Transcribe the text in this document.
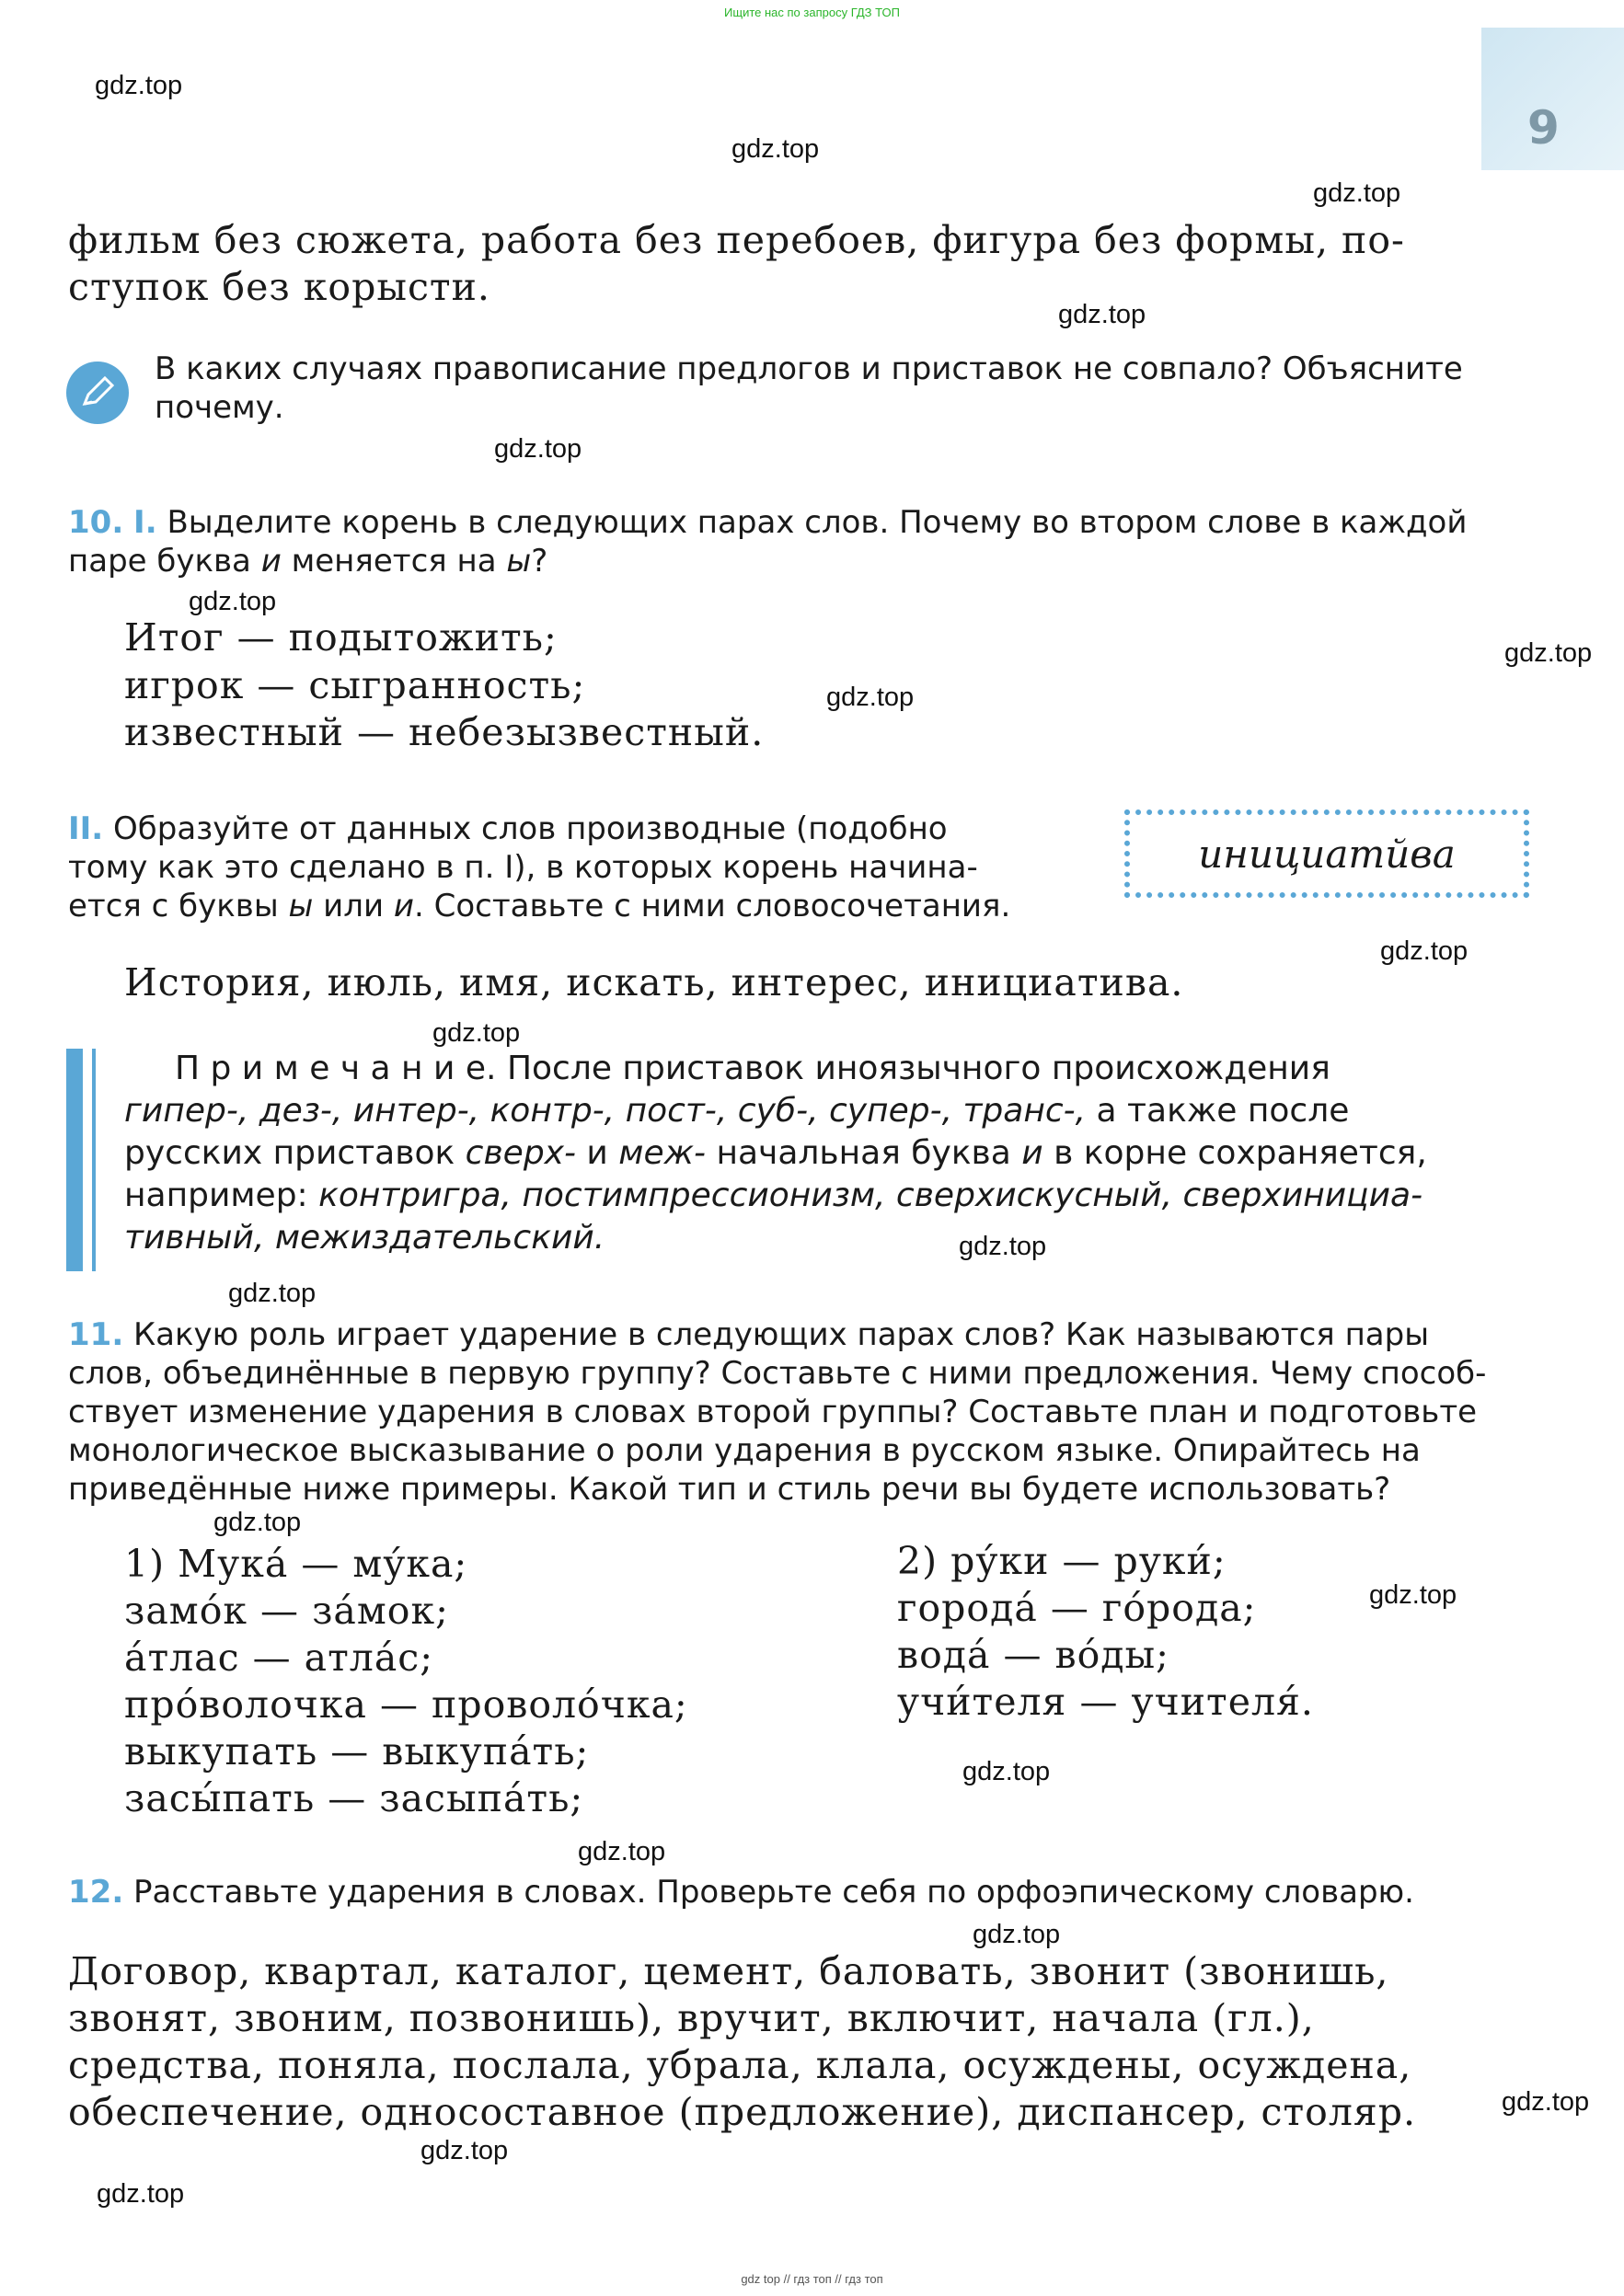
Ищите нас по запросу ГДЗ ТОП
9
gdz.top
gdz.top
gdz.top
gdz.top
gdz.top
gdz.top
gdz.top
gdz.top
gdz.top
gdz.top
gdz.top
gdz.top
gdz.top
gdz.top
gdz.top
gdz.top
gdz.top
gdz.top
gdz.top
gdz.top
фильм без сюжета, работа без перебоев, фигура без формы, по-
ступок без корысти.
В каких случаях правописание предлогов и приставок не совпало? Объясните
почему.
10. I. Выделите корень в следующих парах слов. Почему во втором слове в каждой
паре буква и меняется на ы?
Итог — подытожить;
игрок — сыгранность;
известный — небезызвестный.
II. Образуйте от данных слов производные (подобно
тому как это сделано в п. I), в которых корень начина-
ется с буквы ы или и. Составьте с ними словосочетания.
инициатйва
История, июль, имя, искать, интерес, инициатива.
П р и м е ч а н и е. После приставок иноязычного происхождения
гипер-, дез-, интер-, контр-, пост-, суб-, супер-, транс-, а также после
русских приставок сверх- и меж- начальная буква и в корне сохраняется,
например: контригра, постимпрессионизм, сверхискусный, сверхинициа-
тивный, межиздательский.
11. Какую роль играет ударение в следующих парах слов? Как называются пары
слов, объединённые в первую группу? Составьте с ними предложения. Чему способ-
ствует изменение ударения в словах второй группы? Составьте план и подготовьте
монологическое высказывание о роли ударения в русском языке. Опирайтесь на
приведённые ниже примеры. Какой тип и стиль речи вы будете использовать?
1) Мука́ — му́ка;
замо́к — за́мок;
а́тлас — атла́с;
про́волочка — проволо́чка;
выкупать — выкупа́ть;
засы́пать — засыпа́ть;
2) ру́ки — руки́;
города́ — го́рода;
вода́ — во́ды;
учи́теля — учителя́.
12. Расставьте ударения в словах. Проверьте себя по орфоэпическому словарю.
Договор, квартал, каталог, цемент, баловать, звонит (звонишь,
звонят, звоним, позвонишь), вручит, включит, начала (гл.),
средства, поняла, послала, убрала, клала, осуждены, осуждена,
обеспечение, односоставное (предложение), диспансер, столяр.
gdz top // гдз топ // гдз топ
